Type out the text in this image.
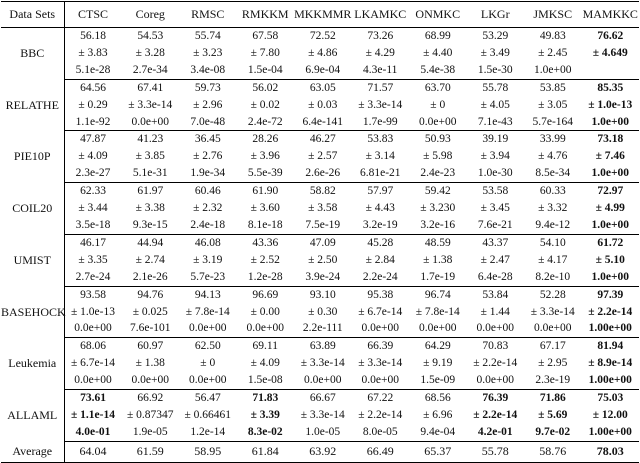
Data Sets	CTSC	Coreg	RMSC	RMKKM	MKKMMR	LKAMKC	ONMKC	LKGr	JMKSC	MAMKKC
BBC	56.18	54.53	55.74	67.58	72.52	73.26	68.99	53.29	49.83	76.62
	± 3.83	± 3.28	± 3.23	± 7.80	± 4.86	± 4.29	± 4.40	± 3.49	± 2.45	± 4.649
	5.1e-28	2.7e-34	3.4e-08	1.5e-04	6.9e-04	4.3e-11	5.4e-38	1.5e-30	1.0e+00	
RELATHE	64.56	67.41	59.73	56.02	63.05	71.57	63.70	55.78	53.85	85.35
	± 0.29	± 3.3e-14	± 2.96	± 0.02	± 0.03	± 3.3e-14	± 0	± 4.05	± 3.05	± 1.0e-13
	1.1e-92	0.0e+00	7.0e-48	2.4e-72	6.4e-141	1.7e-99	0.0e+00	7.1e-43	5.7e-164	1.0e+00
PIE10P	47.87	41.23	36.45	28.26	46.27	53.83	50.93	39.19	33.99	73.18
	± 4.09	± 3.85	± 2.76	± 3.96	± 2.57	± 3.14	± 5.98	± 3.94	± 4.76	± 7.46
	2.3e-27	5.1e-31	1.9e-34	5.5e-39	2.6e-26	6.81e-21	2.4e-23	1.0e-30	8.5e-34	1.0e+00
COIL20	62.33	61.97	60.46	61.90	58.82	57.97	59.42	53.58	60.33	72.97
	± 3.44	± 3.38	± 2.32	± 3.60	± 3.58	± 4.43	± 3.230	± 3.45	± 3.32	± 4.99
	3.5e-18	9.3e-15	2.4e-18	8.1e-18	7.5e-19	3.2e-19	3.2e-16	7.6e-21	9.4e-12	1.0e+00
UMIST	46.17	44.94	46.08	43.36	47.09	45.28	48.59	43.37	54.10	61.72
	± 3.35	± 2.74	± 3.19	± 2.52	± 2.50	± 2.84	± 1.38	± 2.47	± 4.17	± 5.10
	2.7e-24	2.1e-26	5.7e-23	1.2e-28	3.9e-24	2.2e-24	1.7e-19	6.4e-28	8.2e-10	1.0e+00
BASEHOCK	93.58	94.76	94.13	96.69	93.10	95.38	96.74	53.84	52.28	97.39
	± 1.0e-13	± 0.025	± 7.8e-14	± 0.00	± 0.30	± 6.7e-14	± 7.8e-14	± 1.44	± 3.3e-14	± 2.2e-14
	0.0e+00	7.6e-101	0.0e+00	0.0e+00	2.2e-111	0.0e+00	0.0e+00	0.0e+00	0.0e+00	1.00e+00
Leukemia	68.06	60.97	62.50	69.11	63.89	66.39	64.29	70.83	67.17	81.94
	± 6.7e-14	± 1.38	± 0	± 4.09	± 3.3e-14	± 3.3e-14	± 9.19	± 2.2e-14	± 2.95	± 8.9e-14
	0.0e+00	0.0e+00	0.0e+00	1.5e-08	0.0e+00	0.0e+00	1.5e-09	0.0e+00	2.3e-19	1.00e+00
ALLAML	73.61	66.92	56.47	71.83	66.67	67.22	68.56	76.39	71.86	75.03
	± 1.1e-14	± 0.87347	± 0.66461	± 3.39	± 3.3e-14	± 2.2e-14	± 6.96	± 2.2e-14	± 5.69	± 12.00
	4.0e-01	1.9e-05	1.2e-14	8.3e-02	1.0e-05	8.0e-05	9.4e-04	4.2e-01	9.7e-02	1.00e+00
Average	64.04	61.59	58.95	61.84	63.92	66.49	65.37	55.78	58.76	78.03
